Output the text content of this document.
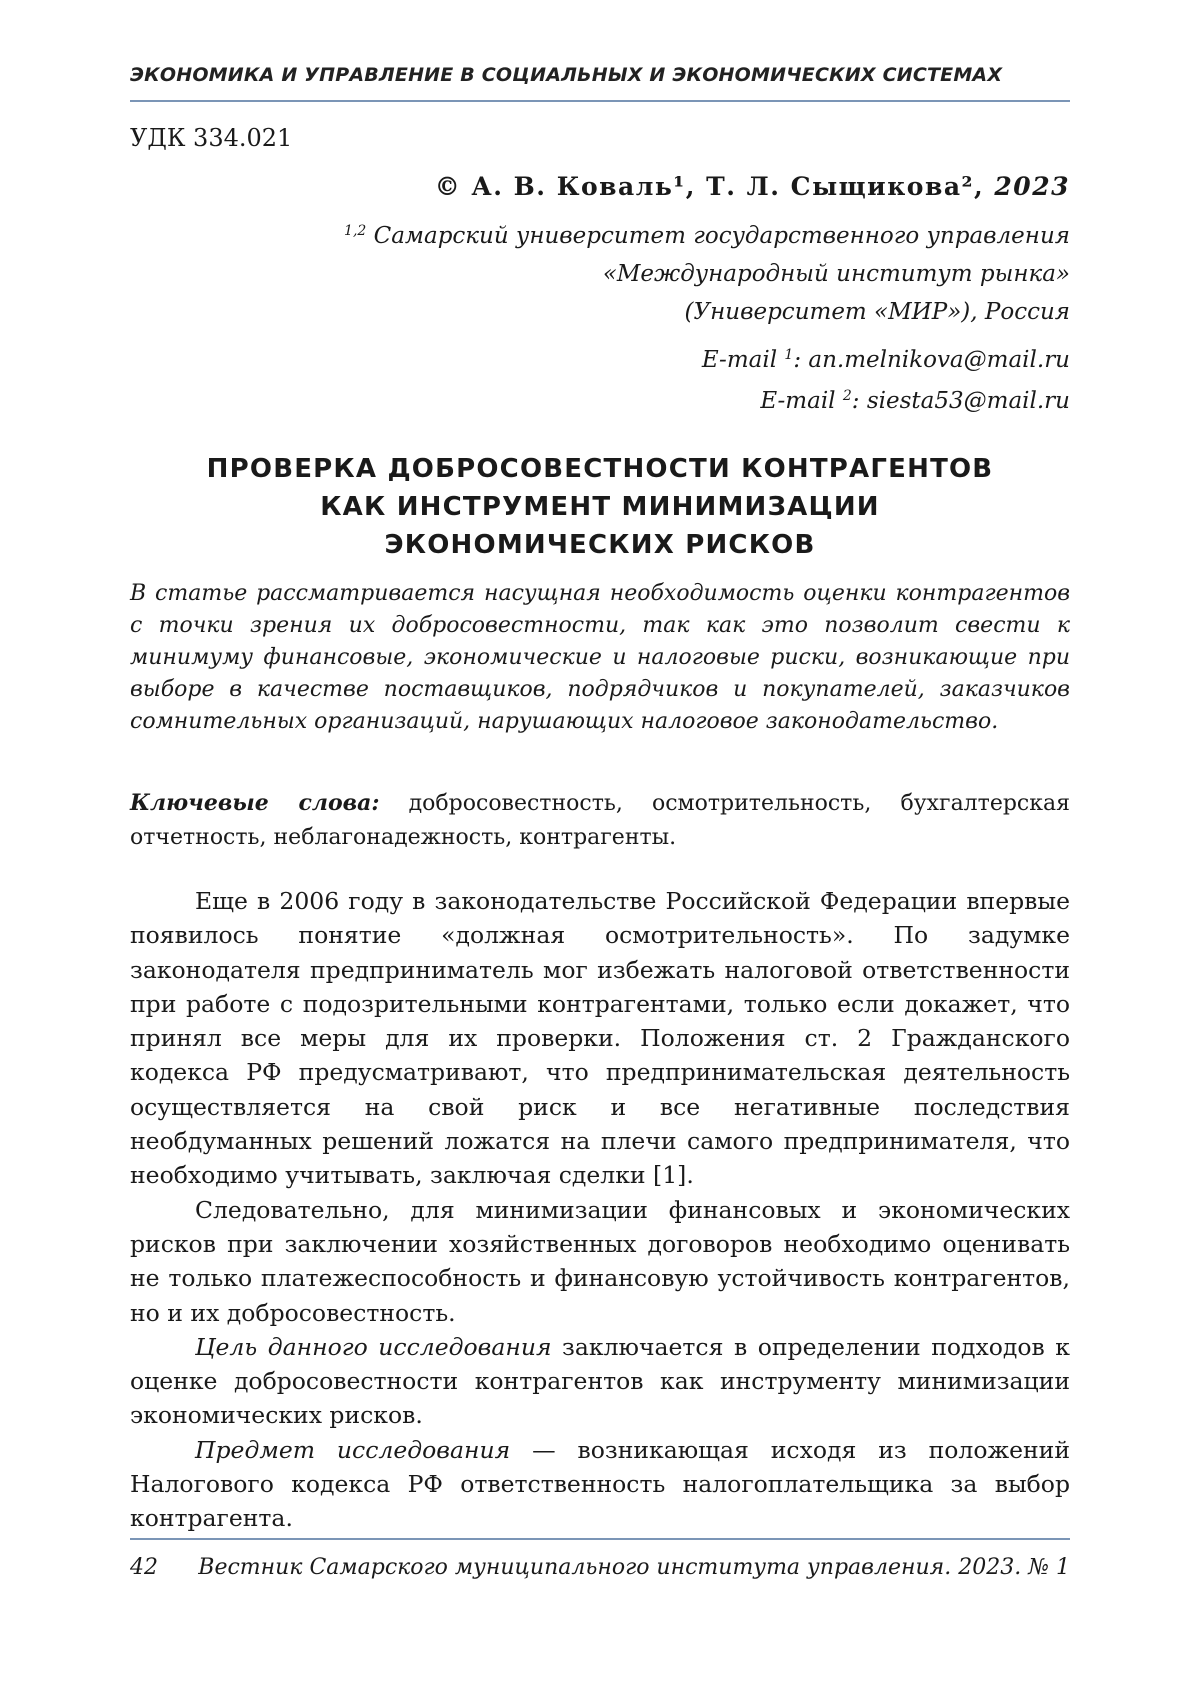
ЭКОНОМИКА И УПРАВЛЕНИЕ В СОЦИАЛЬНЫХ И ЭКОНОМИЧЕСКИХ СИСТЕМАХ
УДК 334.021
© А. В. Коваль¹, Т. Л. Сыщикова², 2023
$^{1,2}$ Самарский университет государственного управления
«Международный институт рынка»
(Университет «МИР»), Россия
E-mail $^1$: an.melnikova@mail.ru
E-mail $^2$: siesta53@mail.ru
ПРОВЕРКА ДОБРОСОВЕСТНОСТИ КОНТРАГЕНТОВ
КАК ИНСТРУМЕНТ МИНИМИЗАЦИИ
ЭКОНОМИЧЕСКИХ РИСКОВ
В статье рассматривается насущная необходимость оценки контрагентов с точки зрения их добросовестности, так как это позволит свести к минимуму финансовые, экономические и налоговые риски, возникающие при выборе в качестве поставщиков, подрядчиков и покупателей, заказчиков сомнительных организаций, нарушающих налоговое законодательство.
Ключевые слова: добросовестность, осмотрительность, бухгалтерская отчетность, неблагонадежность, контрагенты.

Еще в 2006 году в законодательстве Российской Федерации впервые появилось понятие «должная осмотрительность». По задумке законодателя предприниматель мог избежать налоговой ответственности при работе с подозрительными контрагентами, только если докажет, что принял все меры для их проверки. Положения ст. 2 Гражданского кодекса РФ предусматривают, что предпринимательская деятельность осуществляется на свой риск и все негативные последствия необдуманных решений ложатся на плечи самого предпринимателя, что необходимо учитывать, заключая сделки [1].

Следовательно, для минимизации финансовых и экономических рисков при заключении хозяйственных договоров необходимо оценивать не только платежеспособность и финансовую устойчивость контрагентов, но и их добросовестность.

Цель данного исследования заключается в определении подходов к оценке добросовестности контрагентов как инструменту минимизации экономических рисков.

Предмет исследования — возникающая исходя из положений Налогового кодекса РФ ответственность налогоплательщика за выбор контрагента.

42 Вестник Самарского муниципального института управления. 2023. № 1
